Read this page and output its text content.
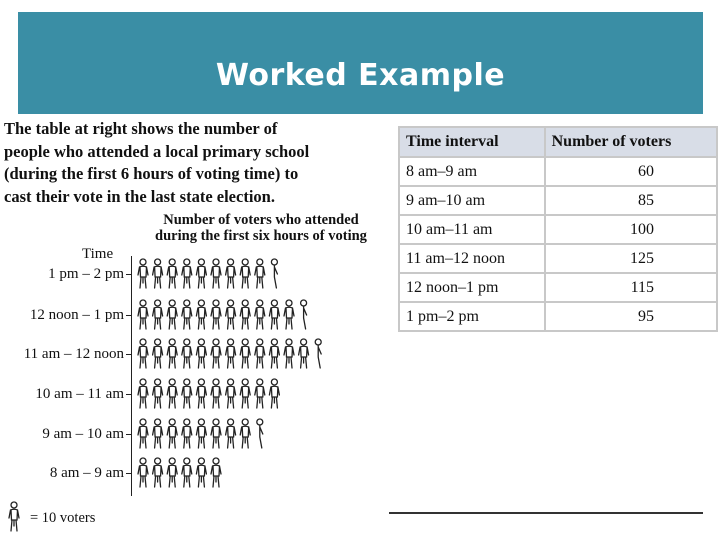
Worked Example
The table at right shows the number of
people who attended a local primary school
(during the first 6 hours of voting time) to
cast their vote in the last state election.
Number of voters who attended
during the first six hours of voting
Time
1 pm – 2 pm
12 noon – 1 pm
11 am – 12 noon
10 am – 11 am
9 am – 10 am
8 am – 9 am
= 10 voters
Time interval	Number of voters
8 am–9 am	60
9 am–10 am	85
10 am–11 am	100
11 am–12 noon	125
12 noon–1 pm	115
1 pm–2 pm	95
